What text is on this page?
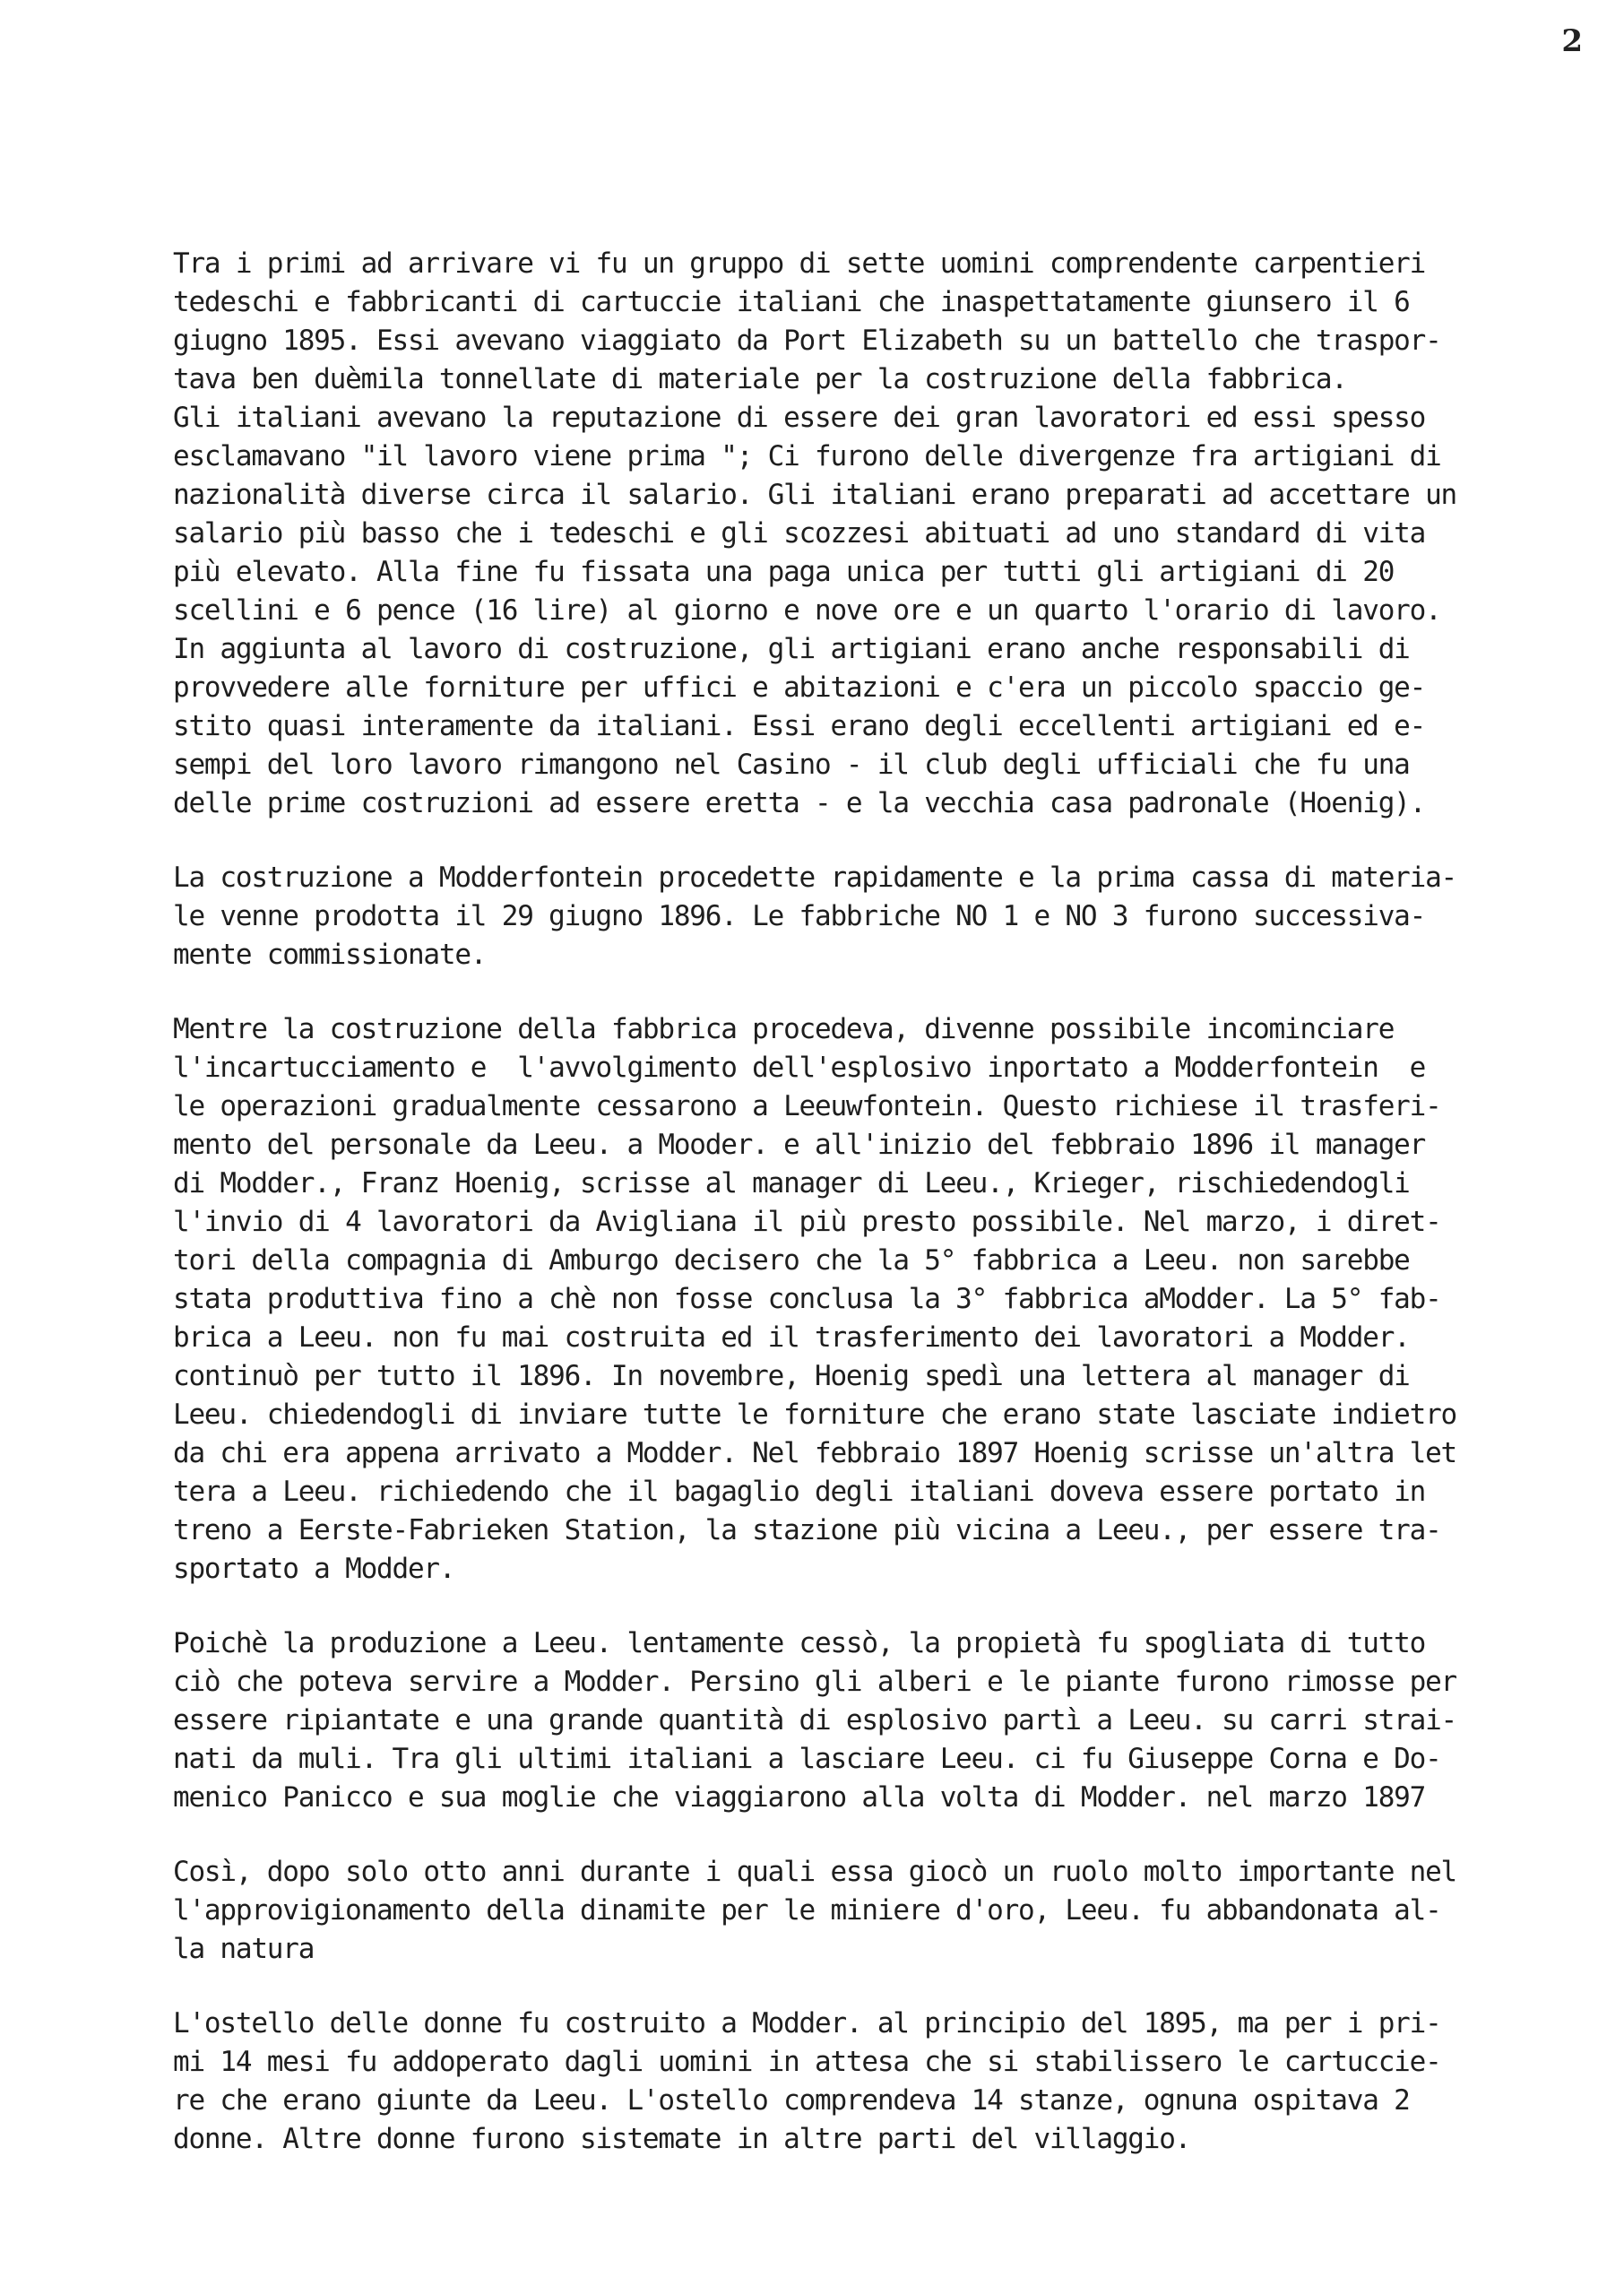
2
Tra i primi ad arrivare vi fu un gruppo di sette uomini comprendente carpentieri
tedeschi e fabbricanti di cartuccie italiani che inaspettatamente giunsero il 6
giugno 1895. Essi avevano viaggiato da Port Elizabeth su un battello che traspor-
tava ben duèmila tonnellate di materiale per la costruzione della fabbrica.
Gli italiani avevano la reputazione di essere dei gran lavoratori ed essi spesso
esclamavano "il lavoro viene prima "; Ci furono delle divergenze fra artigiani di
nazionalità diverse circa il salario. Gli italiani erano preparati ad accettare un
salario più basso che i tedeschi e gli scozzesi abituati ad uno standard di vita
più elevato. Alla fine fu fissata una paga unica per tutti gli artigiani di 20
scellini e 6 pence (16 lire) al giorno e nove ore e un quarto l'orario di lavoro.
In aggiunta al lavoro di costruzione, gli artigiani erano anche responsabili di
provvedere alle forniture per uffici e abitazioni e c'era un piccolo spaccio ge-
stito quasi interamente da italiani. Essi erano degli eccellenti artigiani ed e-
sempi del loro lavoro rimangono nel Casino - il club degli ufficiali che fu una
delle prime costruzioni ad essere eretta - e la vecchia casa padronale (Hoenig).
La costruzione a Modderfontein procedette rapidamente e la prima cassa di materia-
le venne prodotta il 29 giugno 1896. Le fabbriche NO 1 e NO 3 furono successiva-
mente commissionate.
Mentre la costruzione della fabbrica procedeva, divenne possibile incominciare
l'incartucciamento e  l'avvolgimento dell'esplosivo inportato a Modderfontein  e
le operazioni gradualmente cessarono a Leeuwfontein. Questo richiese il trasferi-
mento del personale da Leeu. a Mooder. e all'inizio del febbraio 1896 il manager
di Modder., Franz Hoenig, scrisse al manager di Leeu., Krieger, rischiedendogli
l'invio di 4 lavoratori da Avigliana il più presto possibile. Nel marzo, i diret-
tori della compagnia di Amburgo decisero che la 5° fabbrica a Leeu. non sarebbe
stata produttiva fino a chè non fosse conclusa la 3° fabbrica aModder. La 5° fab-
brica a Leeu. non fu mai costruita ed il trasferimento dei lavoratori a Modder.
continuò per tutto il 1896. In novembre, Hoenig spedì una lettera al manager di
Leeu. chiedendogli di inviare tutte le forniture che erano state lasciate indietro
da chi era appena arrivato a Modder. Nel febbraio 1897 Hoenig scrisse un'altra let
tera a Leeu. richiedendo che il bagaglio degli italiani doveva essere portato in
treno a Eerste-Fabrieken Station, la stazione più vicina a Leeu., per essere tra-
sportato a Modder.
Poichè la produzione a Leeu. lentamente cessò, la propietà fu spogliata di tutto
ciò che poteva servire a Modder. Persino gli alberi e le piante furono rimosse per
essere ripiantate e una grande quantità di esplosivo partì a Leeu. su carri strai-
nati da muli. Tra gli ultimi italiani a lasciare Leeu. ci fu Giuseppe Corna e Do-
menico Panicco e sua moglie che viaggiarono alla volta di Modder. nel marzo 1897
Così, dopo solo otto anni durante i quali essa giocò un ruolo molto importante nel
l'approvigionamento della dinamite per le miniere d'oro, Leeu. fu abbandonata al-
la natura
L'ostello delle donne fu costruito a Modder. al principio del 1895, ma per i pri-
mi 14 mesi fu addoperato dagli uomini in attesa che si stabilissero le cartuccie-
re che erano giunte da Leeu. L'ostello comprendeva 14 stanze, ognuna ospitava 2
donne. Altre donne furono sistemate in altre parti del villaggio.
